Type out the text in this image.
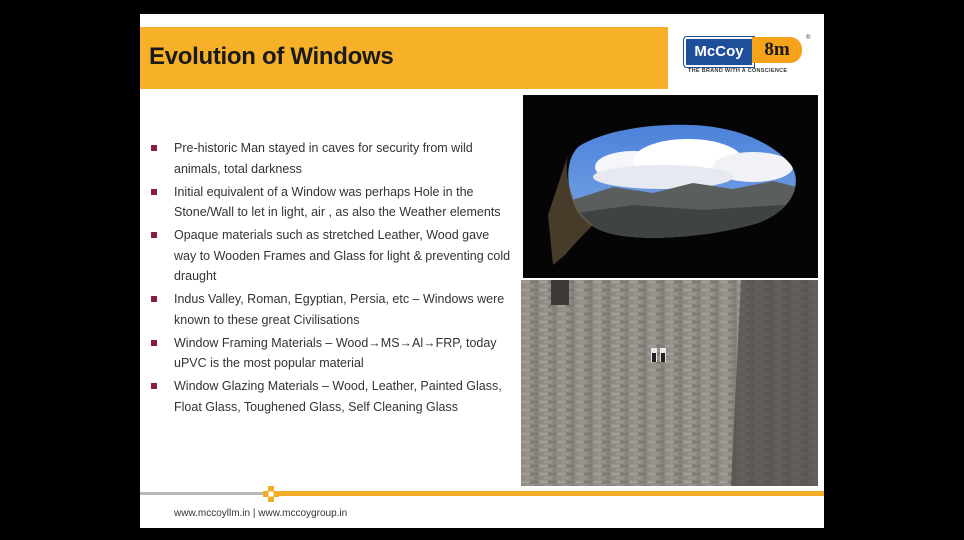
Evolution of Windows	McCoy	8m
®
THE BRAND WITH A CONSCIENCE
Pre-historic Man stayed in caves for security from wild animals, total darkness
Initial equivalent of a Window was perhaps Hole in the Stone/Wall to let in light, air , as also the Weather elements
Opaque materials such as stretched Leather, Wood gave way to Wooden Frames and Glass for light & preventing cold draught
Indus Valley, Roman, Egyptian, Persia, etc – Windows were known to these great Civilisations
Window Framing Materials – Wood→MS→Al→FRP, today uPVC is the most popular material
Window Glazing Materials – Wood, Leather, Painted Glass, Float Glass, Toughened Glass, Self Cleaning Glass
www.mccoyllm.in | www.mccoygroup.in
